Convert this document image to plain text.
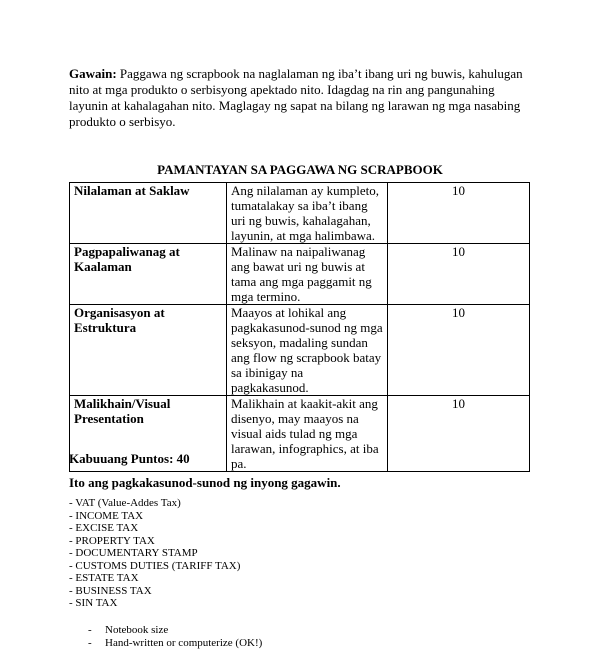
Gawain: Paggawa ng scrapbook na naglalaman ng iba’t ibang uri ng buwis, kahulugan nito at mga produkto o serbisyong apektado nito. Idagdag na rin ang pangunahing layunin at kahalagahan nito. Maglagay ng sapat na bilang ng larawan ng mga nasabing produkto o serbisyo.

PAMANTAYAN SA PAGGAWA NG SCRAPBOOK
Nilalaman at Saklaw	Ang nilalaman ay kumpleto, tumatalakay sa iba’t ibang uri ng buwis, kahalagahan, layunin, at mga halimbawa.	10
Pagpapaliwanag at Kaalaman	Malinaw na naipaliwanag ang bawat uri ng buwis at tama ang mga paggamit ng mga termino.	10
Organisasyon at Estruktura	Maayos at lohikal ang pagkakasunod-sunod ng mga seksyon, madaling sundan ang flow ng scrapbook batay sa ibinigay na pagkakasunod.	10
Malikhain/Visual Presentation	Malikhain at kaakit-akit ang disenyo, may maayos na visual aids tulad ng mga larawan, infographics, at iba pa.	10
Kabuuang Puntos: 40
Ito ang pagkakasunod-sunod ng inyong gagawin.
- VAT (Value-Addes Tax)
- INCOME TAX
- EXCISE TAX
- PROPERTY TAX
- DOCUMENTARY STAMP
- CUSTOMS DUTIES (TARIFF TAX)
- ESTATE TAX
- BUSINESS TAX
- SIN TAX
- Notebook size
- Hand-written or computerize (OK!)
